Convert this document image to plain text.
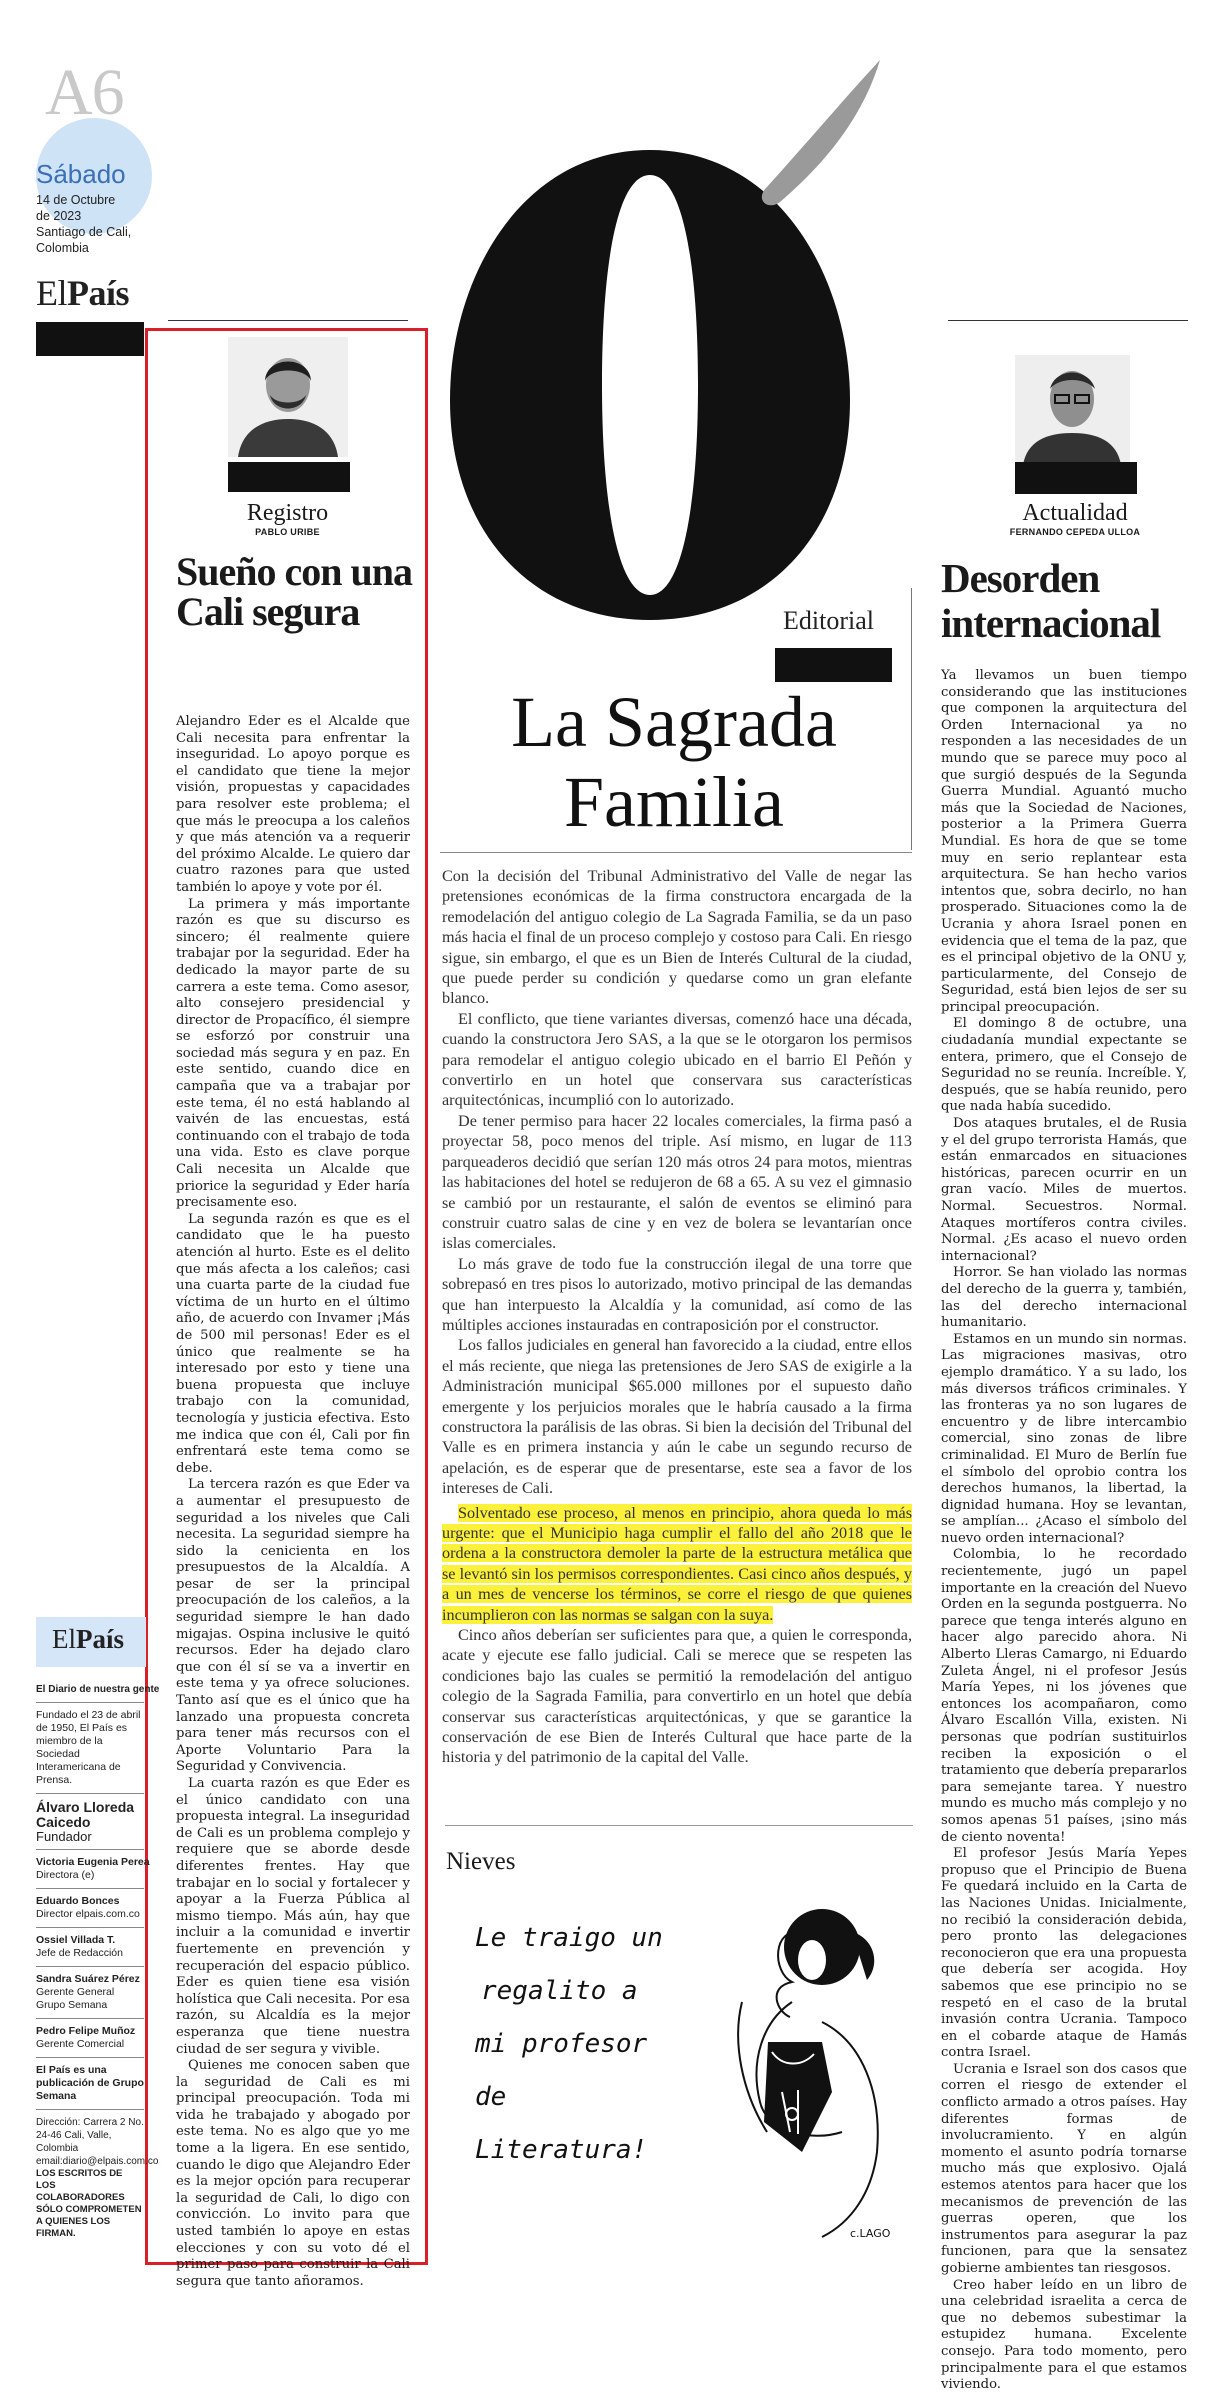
A6
Sábado
14 de Octubre
de 2023
Santiago de Cali,
Colombia
ElPaís
Registro
PABLO URIBE
Sueño con una Cali segura

Alejandro Eder es el Alcalde que Cali necesita para enfrentar la inseguridad. Lo apoyo porque es el candidato que tiene la mejor visión, propuestas y capacidades para resolver este problema; el que más le preocupa a los caleños y que más atención va a requerir del próximo Alcalde. Le quiero dar cuatro razones para que usted también lo apoye y vote por él.

La primera y más importante razón es que su discurso es sincero; él realmente quiere trabajar por la seguridad. Eder ha dedicado la mayor parte de su carrera a este tema. Como asesor, alto consejero presidencial y director de Propacífico, él siempre se esforzó por construir una sociedad más segura y en paz. En este sentido, cuando dice en campaña que va a trabajar por este tema, él no está hablando al vaivén de las encuestas, está continuando con el trabajo de toda una vida. Esto es clave porque Cali necesita un Alcalde que priorice la seguridad y Eder haría precisamente eso.

La segunda razón es que es el candidato que le ha puesto atención al hurto. Este es el delito que más afecta a los caleños; casi una cuarta parte de la ciudad fue víctima de un hurto en el último año, de acuerdo con Invamer ¡Más de 500 mil personas! Eder es el único que realmente se ha interesado por esto y tiene una buena propuesta que incluye trabajo con la comunidad, tecnología y justicia efectiva. Esto me indica que con él, Cali por fin enfrentará este tema como se debe.

La tercera razón es que Eder va a aumentar el presupuesto de seguridad a los niveles que Cali necesita. La seguridad siempre ha sido la cenicienta en los presupuestos de la Alcaldía. A pesar de ser la principal preocupación de los caleños, a la seguridad siempre le han dado migajas. Ospina inclusive le quitó recursos. Eder ha dejado claro que con él sí se va a invertir en este tema y ya ofrece soluciones. Tanto así que es el único que ha lanzado una propuesta concreta para tener más recursos con el Aporte Voluntario Para la Seguridad y Convivencia.

La cuarta razón es que Eder es el único candidato con una propuesta integral. La inseguridad de Cali es un problema complejo y requiere que se aborde desde diferentes frentes. Hay que trabajar en lo social y fortalecer y apoyar a la Fuerza Pública al mismo tiempo. Más aún, hay que incluir a la comunidad e invertir fuertemente en prevención y recuperación del espacio público. Eder es quien tiene esa visión holística que Cali necesita. Por esa razón, su Alcaldía es la mejor esperanza que tiene nuestra ciudad de ser segura y vivible.

Quienes me conocen saben que la seguridad de Cali es mi principal preocupación. Toda mi vida he trabajado y abogado por este tema. No es algo que yo me tome a la ligera. En ese sentido, cuando le digo que Alejandro Eder es la mejor opción para recuperar la seguridad de Cali, lo digo con convicción. Lo invito para que usted también lo apoye en estas elecciones y con su voto dé el primer paso para construir la Cali segura que tanto añoramos.

ElPaís
El Diario de nuestra gente
Fundado el 23 de abril de 1950, El País es miembro de la Sociedad Interamericana de Prensa.
Álvaro Lloreda Caicedo
Fundador
Victoria Eugenia Perea
Directora (e)
Eduardo Bonces
Director elpais.com.co
Ossiel Villada T.
Jefe de Redacción
Sandra Suárez Pérez
Gerente General Grupo Semana
Pedro Felipe Muñoz
Gerente Comercial
El País es una publicación de Grupo Semana
Dirección: Carrera 2 No. 24-46 Cali, Valle, Colombia email:diario@elpais.com.co
LOS ESCRITOS DE LOS COLABORADORES SÓLO COMPROMETEN A QUIENES LOS FIRMAN.
Editorial
La Sagrada
Familia

Con la decisión del Tribunal Administrativo del Valle de negar las pretensiones económicas de la firma constructora encargada de la remodelación del antiguo colegio de La Sagrada Familia, se da un paso más hacia el final de un proceso complejo y costoso para Cali. En riesgo sigue, sin embargo, el que es un Bien de Interés Cultural de la ciudad, que puede perder su condición y quedarse como un gran elefante blanco.

El conflicto, que tiene variantes diversas, comenzó hace una década, cuando la constructora Jero SAS, a la que se le otorgaron los permisos para remodelar el antiguo colegio ubicado en el barrio El Peñón y convertirlo en un hotel que conservara sus características arquitectónicas, incumplió con lo autorizado.

De tener permiso para hacer 22 locales comerciales, la firma pasó a proyectar 58, poco menos del triple. Así mismo, en lugar de 113 parqueaderos decidió que serían 120 más otros 24 para motos, mientras las habitaciones del hotel se redujeron de 68 a 65. A su vez el gimnasio se cambió por un restaurante, el salón de eventos se eliminó para construir cuatro salas de cine y en vez de bolera se levantarían once islas comerciales.

Lo más grave de todo fue la construcción ilegal de una torre que sobrepasó en tres pisos lo autorizado, motivo principal de las demandas que han interpuesto la Alcaldía y la comunidad, así como de las múltiples acciones instauradas en contraposición por el constructor.

Los fallos judiciales en general han favorecido a la ciudad, entre ellos el más reciente, que niega las pretensiones de Jero SAS de exigirle a la Administración municipal $65.000 millones por el supuesto daño emergente y los perjuicios morales que le habría causado a la firma constructora la parálisis de las obras. Si bien la decisión del Tribunal del Valle es en primera instancia y aún le cabe un segundo recurso de apelación, es de esperar que de presentarse, este sea a favor de los intereses de Cali.

Solventado ese proceso, al menos en principio, ahora queda lo más urgente: que el Municipio haga cumplir el fallo del año 2018 que le ordena a la constructora demoler la parte de la estructura metálica que se levantó sin los permisos correspondientes. Casi cinco años después, y a un mes de vencerse los términos, se corre el riesgo de que quienes incumplieron con las normas se salgan con la suya.

Cinco años deberían ser suficientes para que, a quien le corresponda, acate y ejecute ese fallo judicial. Cali se merece que se respeten las condiciones bajo las cuales se permitió la remodelación del antiguo colegio de la Sagrada Familia, para convertirlo en un hotel que debía conservar sus características arquitectónicas, y que se garantice la conservación de ese Bien de Interés Cultural que hace parte de la historia y del patrimonio de la capital del Valle.

Nieves
Le traigo un
regalito a
mi profesor
de
Literatura!
c.LAGO
Actualidad
FERNANDO CEPEDA ULLOA
Desorden
internacional

Ya llevamos un buen tiempo considerando que las instituciones que componen la arquitectura del Orden Internacional ya no responden a las necesidades de un mundo que se parece muy poco al que surgió después de la Segunda Guerra Mundial. Aguantó mucho más que la Sociedad de Naciones, posterior a la Primera Guerra Mundial. Es hora de que se tome muy en serio replantear esta arquitectura. Se han hecho varios intentos que, sobra decirlo, no han prosperado. Situaciones como la de Ucrania y ahora Israel ponen en evidencia que el tema de la paz, que es el principal objetivo de la ONU y, particularmente, del Consejo de Seguridad, está bien lejos de ser su principal preocupación.

El domingo 8 de octubre, una ciudadanía mundial expectante se entera, primero, que el Consejo de Seguridad no se reunía. Increíble. Y, después, que se había reunido, pero que nada había sucedido.

Dos ataques brutales, el de Rusia y el del grupo terrorista Hamás, que están enmarcados en situaciones históricas, parecen ocurrir en un gran vacío. Miles de muertos. Normal. Secuestros. Normal. Ataques mortíferos contra civiles. Normal. ¿Es acaso el nuevo orden internacional?

Horror. Se han violado las normas del derecho de la guerra y, también, las del derecho internacional humanitario.

Estamos en un mundo sin normas. Las migraciones masivas, otro ejemplo dramático. Y a su lado, los más diversos tráficos criminales. Y las fronteras ya no son lugares de encuentro y de libre intercambio comercial, sino zonas de libre criminalidad. El Muro de Berlín fue el símbolo del oprobio contra los derechos humanos, la libertad, la dignidad humana. Hoy se levantan, se amplían... ¿Acaso el símbolo del nuevo orden internacional?

Colombia, lo he recordado recientemente, jugó un papel importante en la creación del Nuevo Orden en la segunda postguerra. No parece que tenga interés alguno en hacer algo parecido ahora. Ni Alberto Lleras Camargo, ni Eduardo Zuleta Ángel, ni el profesor Jesús María Yepes, ni los jóvenes que entonces los acompañaron, como Álvaro Escallón Villa, existen. Ni personas que podrían sustituirlos reciben la exposición o el tratamiento que debería prepararlos para semejante tarea. Y nuestro mundo es mucho más complejo y no somos apenas 51 países, ¡sino más de ciento noventa!

El profesor Jesús María Yepes propuso que el Principio de Buena Fe quedará incluido en la Carta de las Naciones Unidas. Inicialmente, no recibió la consideración debida, pero pronto las delegaciones reconocieron que era una propuesta que debería ser acogida. Hoy sabemos que ese principio no se respetó en el caso de la brutal invasión contra Ucrania. Tampoco en el cobarde ataque de Hamás contra Israel.

Ucrania e Israel son dos casos que corren el riesgo de extender el conflicto armado a otros países. Hay diferentes formas de involucramiento. Y en algún momento el asunto podría tornarse mucho más que explosivo. Ojalá estemos atentos para hacer que los mecanismos de prevención de las guerras operen, que los instrumentos para asegurar la paz funcionen, para que la sensatez gobierne ambientes tan riesgosos.

Creo haber leído en un libro de una celebridad israelita a cerca de que no debemos subestimar la estupidez humana. Excelente consejo. Para todo momento, pero principalmente para el que estamos viviendo.
